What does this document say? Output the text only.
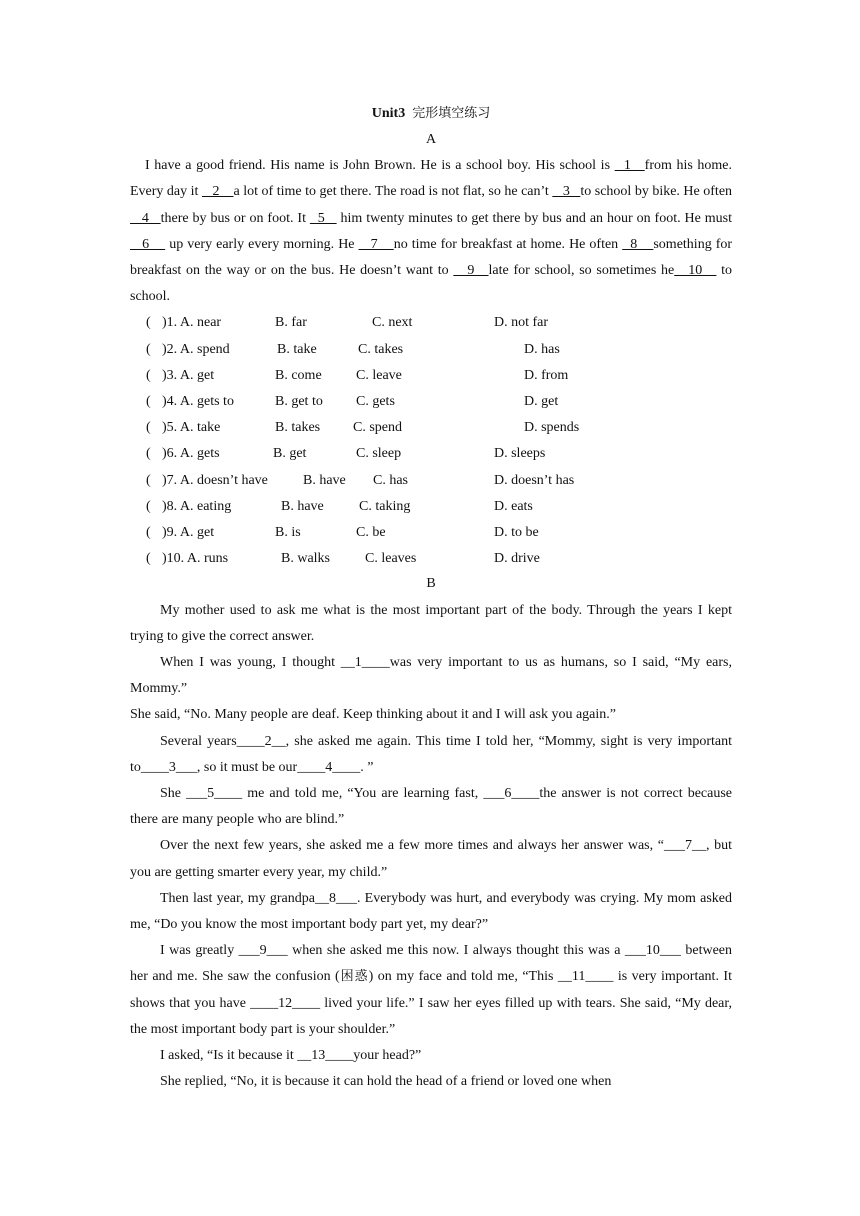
Unit3 完形填空练习
A

I have a good friend. His name is John Brown. He is a school boy. His school is   1   from his home. Every day it    2    a lot of time to get there. The road is not flat, so he can’t    3   to school by bike. He often    4   there by bus or on foot. It   5    him twenty minutes to get there by bus and an hour on foot. He must    6     up very early every morning. He    7    no time for breakfast at home. He often   8    something for breakfast on the way or on the bus. He doesn’t want to    9   late for school, so sometimes he   10    to school.

( )1. A. near	B. far	C. next	D. not far
( )2. A. spend	B. take	C. takes	D. has
( )3. A. get	B. come C. leave	D. from
( )4. A. gets to	B. get to C. gets	D. get
( )5. A. take	B. takes C. spend	D. spends
( )6. A. gets	B. get	C. sleep	D. sleeps
( )7. A. doesn’t have	B. have C. has	D. doesn’t has
( )8. A. eating	B. have	C. taking	D. eats
( )9. A. get	B. is	C. be	D. to be
( )10. A. runs	B. walks	C. leaves	D. drive
B

My mother used to ask me what is the most important part of the body. Through the years I kept trying to give the correct answer.

When I was young, I thought __1____was very important to us as humans, so I said, “My ears, Mommy.”

She said, “No. Many people are deaf. Keep thinking about it and I will ask you again.”

Several years____2__, she asked me again. This time I told her, “Mommy, sight is very important to____3___, so it must be our____4____. ”

She ___5____ me and told me, “You are learning fast, ___6____the answer is not correct because there are many people who are blind.”

Over the next few years, she asked me a few more times and always her answer was, “___7__, but you are getting smarter every year, my child.”

Then last year, my grandpa__8___. Everybody was hurt, and everybody was crying. My mom asked me, “Do you know the most important body part yet, my dear?”

I was greatly ___9___ when she asked me this now. I always thought this was a ___10___ between her and me. She saw the confusion (困惑) on my face and told me, “This __11____ is very important. It shows that you have ____12____ lived your life.” I saw her eyes filled up with tears. She said, “My dear, the most important body part is your shoulder.”

I asked, “Is it because it __13____your head?”

She replied, “No, it is because it can hold the head of a friend or loved one when
